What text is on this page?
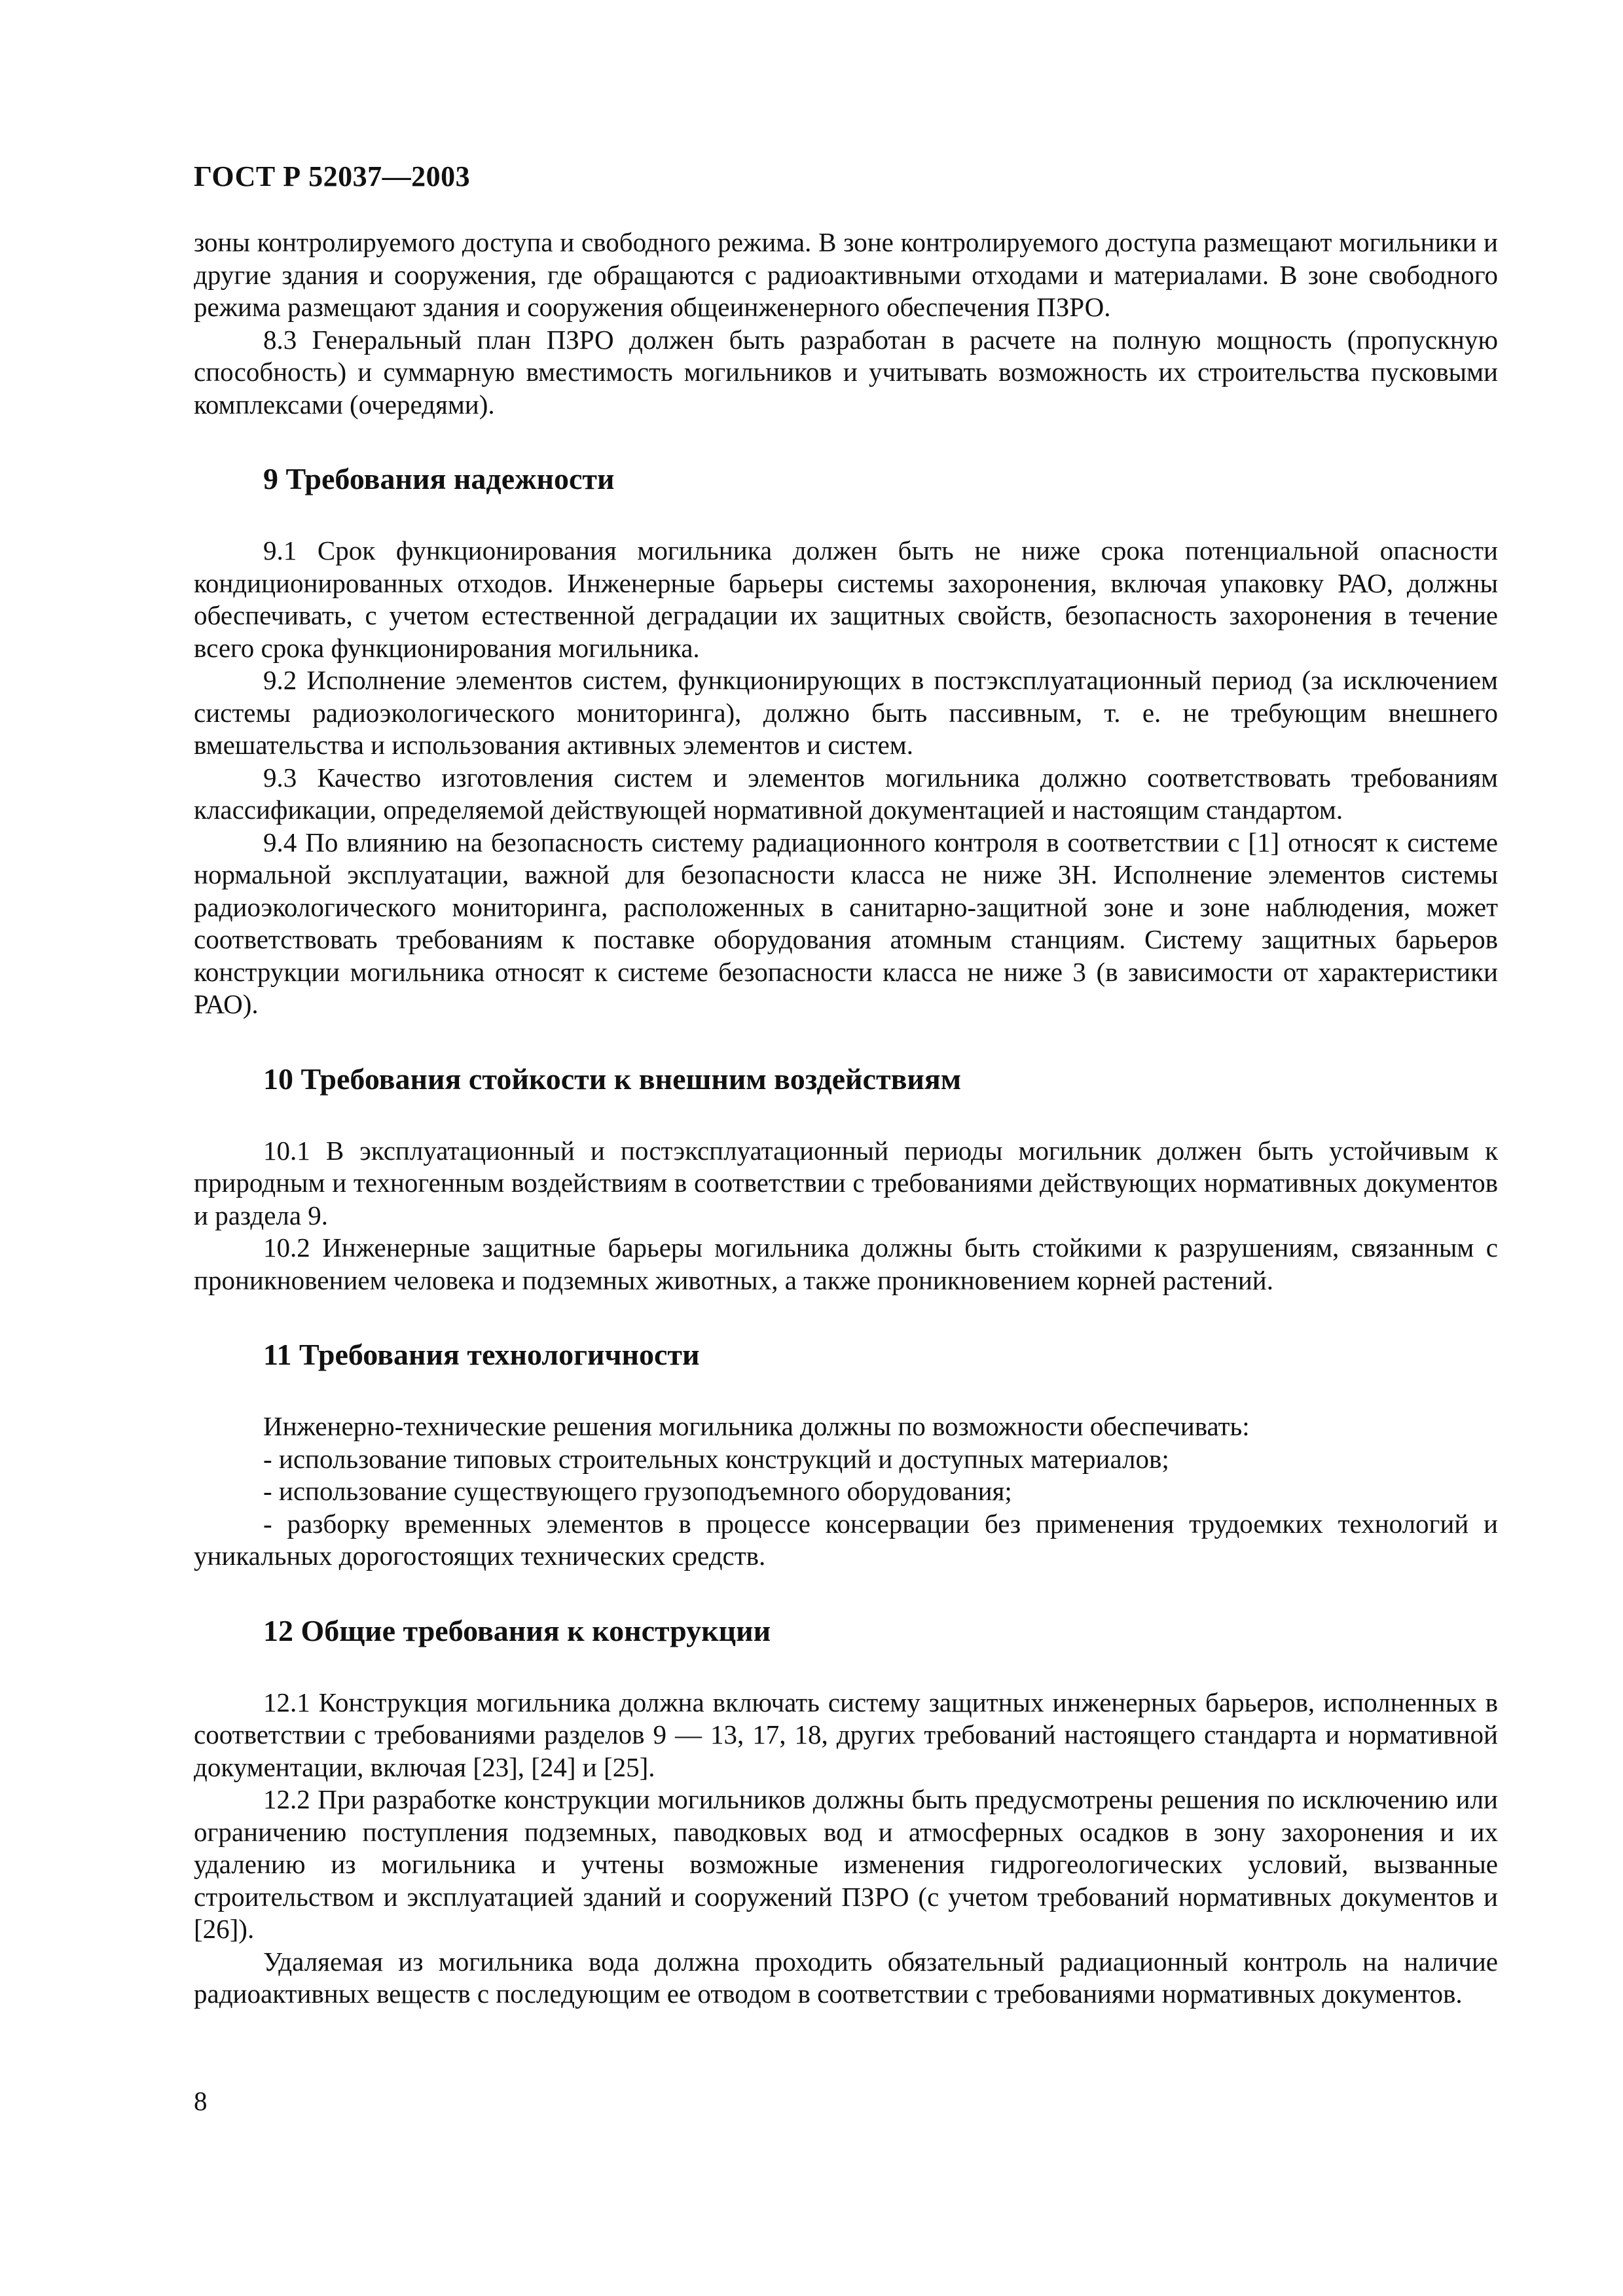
ГОСТ Р 52037—2003

зоны контролируемого доступа и свободного режима. В зоне контролируемого доступа размещают могильники и другие здания и сооружения, где обращаются с радиоактивными отходами и материалами. В зоне свободного режима размещают здания и сооружения общеинженерного обеспечения ПЗРО.

8.3 Генеральный план ПЗРО должен быть разработан в расчете на полную мощность (пропускную способность) и суммарную вместимость могильников и учитывать возможность их строительства пусковыми комплексами (очередями).

9 Требования надежности

9.1 Срок функционирования могильника должен быть не ниже срока потенциальной опасности кондиционированных отходов. Инженерные барьеры системы захоронения, включая упаковку РАО, должны обеспечивать, с учетом естественной деградации их защитных свойств, безопасность захоронения в течение всего срока функционирования могильника.

9.2 Исполнение элементов систем, функционирующих в постэксплуатационный период (за исключением системы радиоэкологического мониторинга), должно быть пассивным, т. е. не требующим внешнего вмешательства и использования активных элементов и систем.

9.3 Качество изготовления систем и элементов могильника должно соответствовать требованиям классификации, определяемой действующей нормативной документацией и настоящим стандартом.

9.4 По влиянию на безопасность систему радиационного контроля в соответствии с [1] относят к системе нормальной эксплуатации, важной для безопасности класса не ниже 3Н. Исполнение элементов системы радиоэкологического мониторинга, расположенных в санитарно-защитной зоне и зоне наблюдения, может соответствовать требованиям к поставке оборудования атомным станциям. Систему защитных барьеров конструкции могильника относят к системе безопасности класса не ниже 3 (в зависимости от характеристики РАО).

10 Требования стойкости к внешним воздействиям

10.1 В эксплуатационный и постэксплуатационный периоды могильник должен быть устойчивым к природным и техногенным воздействиям в соответствии с требованиями действующих нормативных документов и раздела 9.

10.2 Инженерные защитные барьеры могильника должны быть стойкими к разрушениям, связанным с проникновением человека и подземных животных, а также проникновением корней растений.

11 Требования технологичности

Инженерно-технические решения могильника должны по возможности обеспечивать:

- использование типовых строительных конструкций и доступных материалов;

- использование существующего грузоподъемного оборудования;

- разборку временных элементов в процессе консервации без применения трудоемких технологий и уникальных дорогостоящих технических средств.

12 Общие требования к конструкции

12.1 Конструкция могильника должна включать систему защитных инженерных барьеров, исполненных в соответствии с требованиями разделов 9 — 13, 17, 18, других требований настоящего стандарта и нормативной документации, включая [23], [24] и [25].

12.2 При разработке конструкции могильников должны быть предусмотрены решения по исключению или ограничению поступления подземных, паводковых вод и атмосферных осадков в зону захоронения и их удалению из могильника и учтены возможные изменения гидрогеологических условий, вызванные строительством и эксплуатацией зданий и сооружений ПЗРО (с учетом требований нормативных документов и [26]).

Удаляемая из могильника вода должна проходить обязательный радиационный контроль на наличие радиоактивных веществ с последующим ее отводом в соответствии с требованиями нормативных документов.

8
